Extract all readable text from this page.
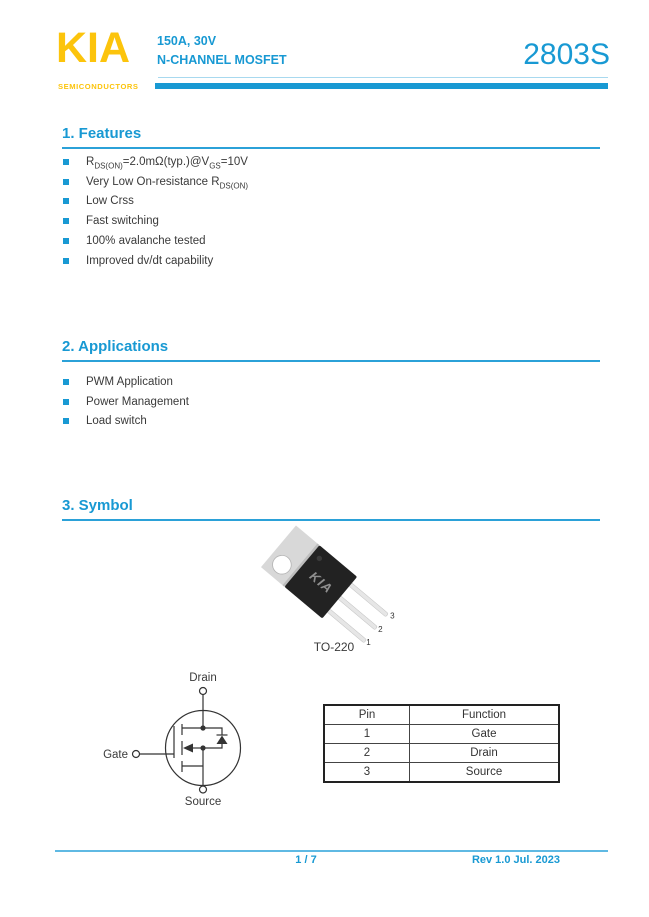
KIA
SEMICONDUCTORS
150A, 30V
N-CHANNEL MOSFET	2803S
1. Features
$R_{DS(ON)}=2.0m\Omega(typ.)@V_{GS}=10V$
Very Low On-resistance $R_{DS(ON)}$
Low Crss
Fast switching
100% avalanche tested
Improved dv/dt capability
2. Applications
PWM Application
Power Management
Load switch
3. Symbol
KIA
1
2
3
TO-220
Drain
Gate
Source
Pin	Function
1	Gate
2	Drain
3	Source
1 / 7	Rev 1.0 Jul. 2023
